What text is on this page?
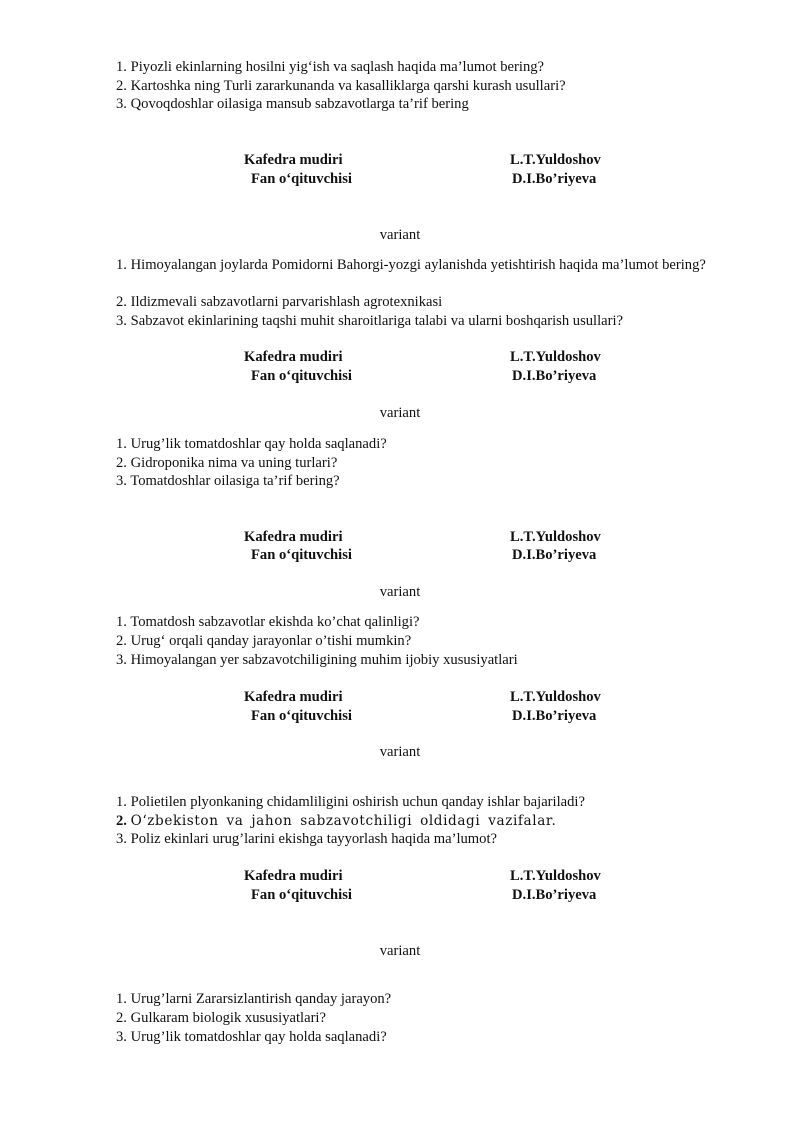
1. Piyozli ekinlarning hosilni yig‘ish va saqlash haqida ma’lumot bering?

2. Kartoshka ning Turli zararkunanda va kasalliklarga qarshi kurash usullari?

3. Qovoqdoshlar oilasiga mansub sabzavotlarga ta’rif bering

Kafedra mudiri	L.T.Yuldoshov
Fan o‘qituvchisi	D.I.Bo’riyeva
variant

1. Himoyalangan joylarda Pomidorni Bahorgi-yozgi aylanishda yetishtirish haqida ma’lumot bering?

2. Ildizmevali sabzavotlarni parvarishlash agrotexnikasi

3. Sabzavot ekinlarining taqshi muhit sharoitlariga talabi va ularni boshqarish usullari?

Kafedra mudiri	L.T.Yuldoshov
Fan o‘qituvchisi	D.I.Bo’riyeva
variant

1. Urug’lik tomatdoshlar qay holda saqlanadi?

2. Gidroponika nima va uning turlari?

3. Tomatdoshlar oilasiga ta’rif bering?

Kafedra mudiri	L.T.Yuldoshov
Fan o‘qituvchisi	D.I.Bo’riyeva
variant

1. Tomatdosh sabzavotlar ekishda ko’chat qalinligi?

2. Urug‘ orqali qanday jarayonlar o’tishi mumkin?

3. Himoyalangan yer sabzavotchiligining muhim ijobiy xususiyatlari

Kafedra mudiri	L.T.Yuldoshov
Fan o‘qituvchisi	D.I.Bo’riyeva
variant

1. Polietilen plyonkaning chidamliligini oshirish uchun qanday ishlar bajariladi?

2. O‘zbekiston va jahon sabzavotchiligi oldidagi vazifalar.

3. Poliz ekinlari urug’larini ekishga tayyorlash haqida ma’lumot?

Kafedra mudiri	L.T.Yuldoshov
Fan o‘qituvchisi	D.I.Bo’riyeva
variant

1. Urug’larni Zararsizlantirish qanday jarayon?

2. Gulkaram biologik xususiyatlari?

3. Urug’lik tomatdoshlar qay holda saqlanadi?
